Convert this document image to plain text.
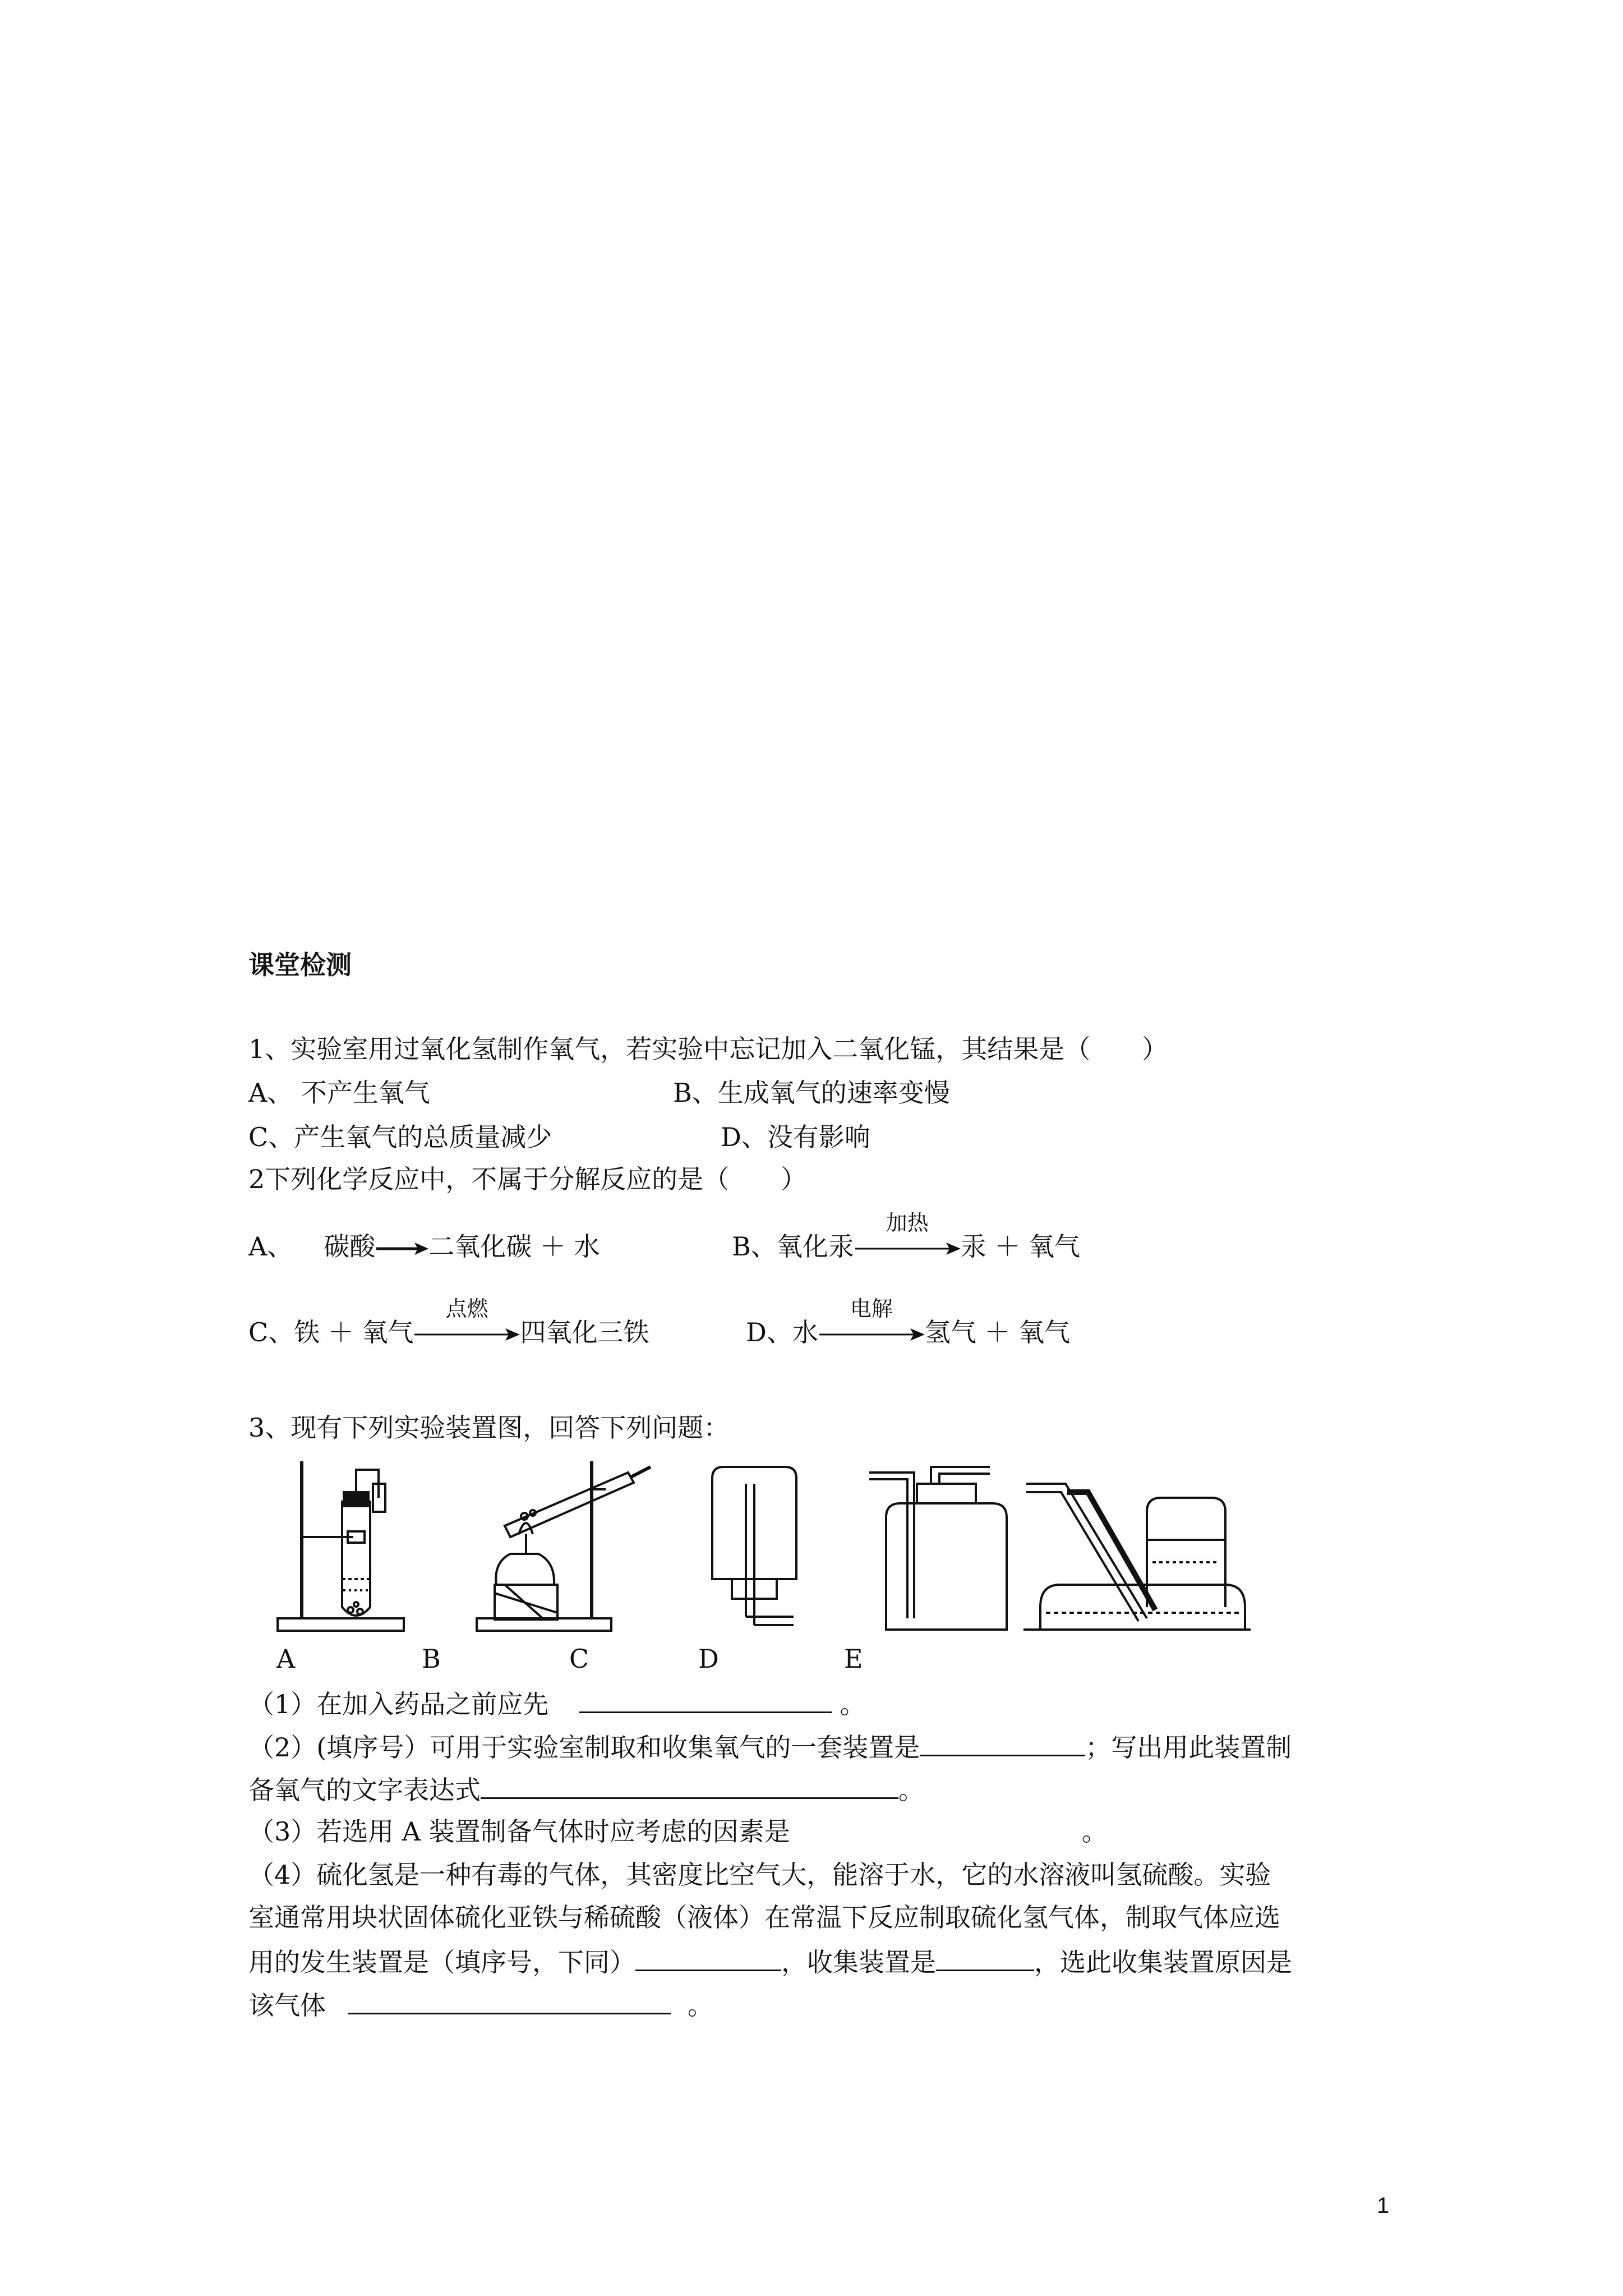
课堂检测
1、实验室用过氧化氢制作氧气，若实验中忘记加入二氧化锰，其结果是（　　）
A、 不产生氧气	B、生成氧气的速率变慢
C、产生氧气的总质量减少	D、没有影响
2下列化学反应中，不属于分解反应的是（　　）
A、 碳酸→二氧化碳 ＋ 水	B、氧化汞
加热
汞 ＋ 氧气
C、铁 ＋ 氧气
点燃
四氧化三铁	D、水
电解
氢气 ＋ 氧气
3、现有下列实验装置图，回答下列问题：
A	B	C	D	E
（1）在加入药品之前应先	。
（2）(填序号）可用于实验室制取和收集氧气的一套装置是	；写出用此装置制
备氧气的文字表达式	。
（3）若选用 A 装置制备气体时应考虑的因素是	。
（4）硫化氢是一种有毒的气体，其密度比空气大，能溶于水，它的水溶液叫氢硫酸。实验
室通常用块状固体硫化亚铁与稀硫酸（液体）在常温下反应制取硫化氢气体，制取气体应选
用的发生装置是（填序号，下同）	，收集装置是	，选此收集装置原因是
该气体	。
1
